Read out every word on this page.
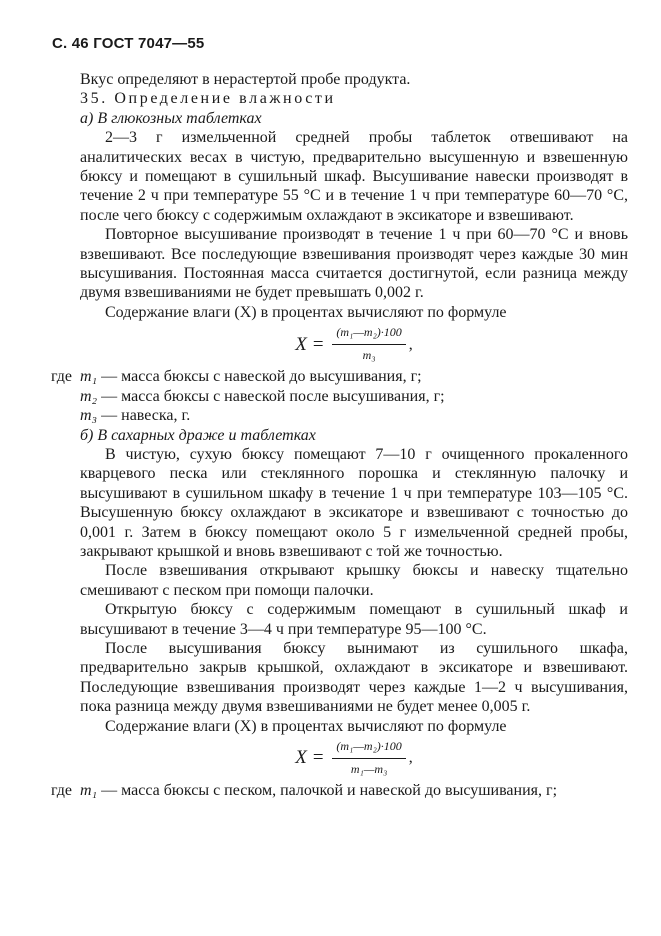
С. 46 ГОСТ 7047—55

Вкус определяют в нерастертой пробе продукта.

35. Определение влажности

а) В глюкозных таблетках

2—3 г измельченной средней пробы таблеток отвешивают на аналитических весах в чистую, предварительно высушенную и взвешенную бюксу и помещают в сушильный шкаф. Высушивание навески производят в течение 2 ч при температуре 55 °С и в течение 1 ч при температуре 60—70 °С, после чего бюксу с содержимым охлаждают в эксикаторе и взвешивают.

Повторное высушивание производят в течение 1 ч при 60—70 °С и вновь взвешивают. Все последующие взвешивания производят через каждые 30 мин высушивания. Постоянная масса считается достигнутой, если разница между двумя взвешиваниями не будет превышать 0,002 г.

Содержание влаги (X) в процентах вычисляют по формуле

$X = \frac{\text{(m₁—m₂)·100}}{\text{m₃}}$ ,
где m₁ — масса бюксы с навеской до высушивания, г;
m₂ — масса бюксы с навеской после высушивания, г;
m₃ — навеска, г.

б) В сахарных драже и таблетках

В чистую, сухую бюксу помещают 7—10 г очищенного прокаленного кварцевого песка или стеклянного порошка и стеклянную палочку и высушивают в сушильном шкафу в течение 1 ч при температуре 103—105 °С. Высушенную бюксу охлаждают в эксикаторе и взвешивают с точностью до 0,001 г. Затем в бюксу помещают около 5 г измельченной средней пробы, закрывают крышкой и вновь взвешивают с той же точностью.

После взвешивания открывают крышку бюксы и навеску тщательно смешивают с песком при помощи палочки.

Открытую бюксу с содержимым помещают в сушильный шкаф и высушивают в течение 3—4 ч при температуре 95—100 °С.

После высушивания бюксу вынимают из сушильного шкафа, предварительно закрыв крышкой, охлаждают в эксикаторе и взвешивают. Последующие взвешивания производят через каждые 1—2 ч высушивания, пока разница между двумя взвешиваниями не будет менее 0,005 г.

Содержание влаги (X) в процентах вычисляют по формуле

$X = \frac{\text{(m₁—m₂)·100}}{\text{m₁—m₃}}$ ,
где m₁ — масса бюксы с песком, палочкой и навеской до высушивания, г;
